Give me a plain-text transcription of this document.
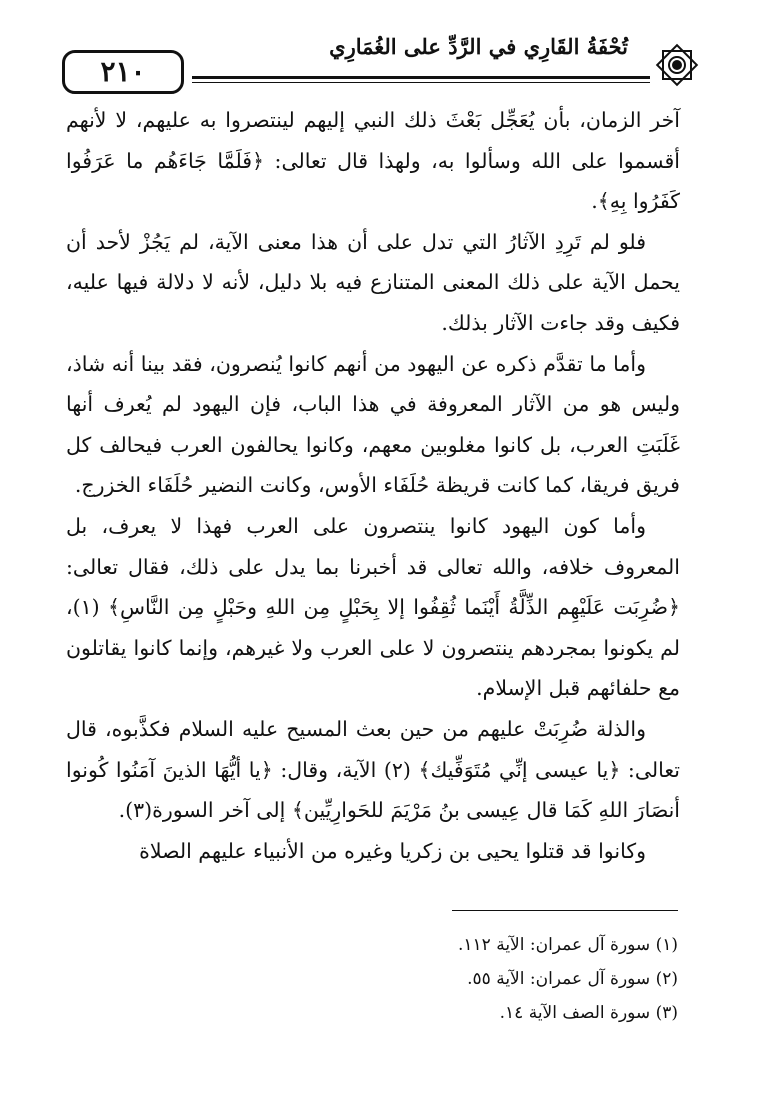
تُحْفَةُ القَارِي في الرَّدِّ على الغُمَارِي
٢١٠

آخر الزمان، بأن يُعَجِّل بَعْثَ ذلك النبي إليهم لينتصروا به عليهم، لا لأنهم أقسموا على الله وسألوا به، ولهذا قال تعالى: ﴿فَلَمَّا جَاءَهُم ما عَرَفُوا كَفَرُوا بِهِ﴾.

فلو لم تَرِدِ الآثارُ التي تدل على أن هذا معنى الآية، لم يَجُزْ لأحد أن يحمل الآية على ذلك المعنى المتنازع فيه بلا دليل، لأنه لا دلالة فيها عليه، فكيف وقد جاءت الآثار بذلك.

وأما ما تقدَّم ذكره عن اليهود من أنهم كانوا يُنصرون، فقد بينا أنه شاذ، وليس هو من الآثار المعروفة في هذا الباب، فإن اليهود لم يُعرف أنها غَلَبَتِ العرب، بل كانوا مغلوبين معهم، وكانوا يحالفون العرب فيحالف كل فريق فريقا، كما كانت قريظة حُلَفَاء الأوس، وكانت النضير حُلَفَاء الخزرج.

وأما كون اليهود كانوا ينتصرون على العرب فهذا لا يعرف، بل المعروف خلافه، والله تعالى قد أخبرنا بما يدل على ذلك، فقال تعالى: ﴿ضُرِبَت عَلَيْهِم الذِّلَّةُ أَيْنَما ثُقِفُوا إلا بِحَبْلٍ مِن اللهِ وحَبْلٍ مِن النَّاسِ﴾ (١)، لم يكونوا بمجردهم ينتصرون لا على العرب ولا غيرهم، وإنما كانوا يقاتلون مع حلفائهم قبل الإسلام.

والذلة ضُرِبَتْ عليهم من حين بعث المسيح عليه السلام فكذَّبوه، قال تعالى: ﴿يا عيسى إنِّي مُتَوَفِّيك﴾ (٢) الآية، وقال: ﴿يا أيُّهَا الذينَ آمَنُوا كُونوا أنصَارَ اللهِ كَمَا قال عِيسى بنُ مَرْيَمَ للحَوارِيِّين﴾ إلى آخر السورة(٣).

وكانوا قد قتلوا يحيى بن زكريا وغيره من الأنبياء عليهم الصلاة

(١) سورة آل عمران: الآية ١١٢.
(٢) سورة آل عمران: الآية ٥٥.
(٣) سورة الصف الآية ١٤.
